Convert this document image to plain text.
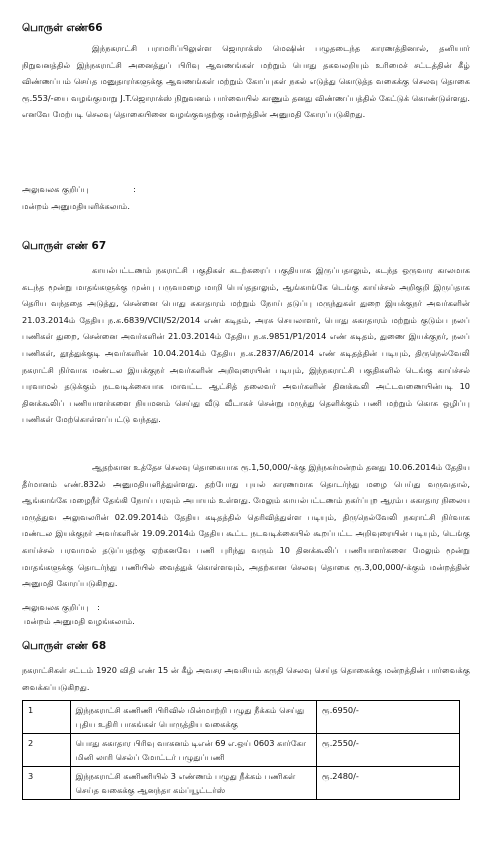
பொருள் எண்66

இந்நகராட்சி பராமரிப்பிலுள்ள ஜொராக்ஸ் மெஷின் பழுதடைந்த காரணத்தினால், தனியார் நிறுவனத்தில் இந்நகராட்சி அனைத்துப் பிரிவு ஆவணங்கள் மற்றும் பொது தகவலறியும் உரிமைச் சட்டத்தின் கீழ் விண்ணப்பம் செய்த மனுதாரர்களுக்கு ஆவணங்கள் மற்றும் கோப்புகள் நகல் எடுத்து கொடுத்த வகைக்கு செலவு தொகை ரூ.553/-யை வழங்குமாறு J.T.ஜொராக்ஸ் நிறுவனம் பார்வையில் காணும் தனது விண்ணப்பத்தில் கேட்டுக் கொண்டுள்ளது. எனவே மேற்படி செலவு தொகையினை வழங்குவதற்கு மன்றத்தின் அனுமதி கோரப்படுகிறது.

அலுவலக குறிப்பு	:
மன்றம் அனுமதியளிக்கலாம்.
பொருள் எண் 67

காயல்பட்டணம் நகராட்சி பகுதிகள் கடற்கரைப் பகுதியாக இருப்பதாலும், கடந்த ஒருவார காலமாக கடந்த மூன்று மாதங்களுக்கு முன்பு பருவமழை மாறி பெய்ததாலும், ஆங்காங்கே டெங்கு காய்ச்சல் அறிகுறி இருப்தாக தெரிய வந்ததை அடுத்து, சென்னை பொது சுகாதாரம் மற்றும் நோய் தடுப்பு மருந்துகள் துறை இயக்குநர் அவர்களின் 21.03.2014ம் தேதிய ந.க.6839/VCII/S2/2014 எண் கடிதம், அரசு செயலாளர், பொது சுகாதாரம் மற்றும் குடும்ப நலப் பணிகள் துறை, சென்னை அவர்களின் 21.03.2014ம் தேதிய ந.க.9851/P1/2014 எண் கடிதம், துணை இயக்குநர், நலப் பணிகள், தூத்துக்குடி அவர்களின் 10.04.2014ம் தேதிய ந.க.2837/A6/2014 எண் கடிதத்தின் படியும், திருநெல்வேலி நகராட்சி நிர்வாக மண்டல இயக்குநர் அவர்களின் அறிவுரையின் படியும், இந்நகராட்சி பகுதிகளில் டெங்கு காய்ச்சல் பரவாமல் தடுக்கும் நடவடிக்கையாக மாவட்ட ஆட்சித் தலைவர் அவர்களின் தினக்கூலி அட்டவணையின்படி 10 தினக்கூலிப் பணியாளர்களை நியமனம் செய்து வீடு வீடாகச் சென்று மருந்து தெளிக்கும் பணி மற்றும் கொசு ஒழிப்பு பணிகள் மேற்கொள்ளப்பட்டு வந்தது.

ஆதற்கான உத்தேச செலவு தொகையாக ரூ.1,50,000/-க்கு இந்நகர்மன்றம் தனது 10.06.2014ம் தேதிய தீர்மானம் எண்.832ல் அனுமதியளித்துள்ளது. தற்போது புயல் காரணமாக தொடர்ந்து மழை பெய்து வருவதால், ஆங்காங்கே மழைநீர் தேங்கி நோய் பரவும் அபாயம் உள்ளது. மேலும் காயல்பட்டணம் நகர்ப்புற ஆரம்ப சுகாதார நிலைய மருத்துவ அலுவலரின் 02.09.2014ம் தேதிய கடிதத்தில் தெரிவித்துள்ள படியும், திருநெல்வேலி நகராட்சி நிர்வாக மண்டல இயக்குநர் அவர்களின் 19.09.2014ம் தேதிய கூட்ட நடவடிக்கையில் கூறப்பட்ட அறிவுரையின் படியும், டெங்கு காய்ச்சல் பரவாமல் தடுப்பதற்கு ஏற்கனவே பணி புரிந்து வரும் 10 தினக்கூலிப் பணியாளர்களை மேலும் மூன்று மாதங்களுக்கு தொடர்ந்து பணியில் வைத்துக் கொள்ளவும், அதற்கான செலவு தொகை ரூ.3,00,000/-க்கும் மன்றத்தின் அனுமதி கோரப்படுகிறது.

அலுவலக குறிப்பு :
மன்றம் அனுமதி வழங்கலாம்.
பொருள் எண் 68

நகராட்சிகள் சட்டம் 1920 விதி எண் 15 ன் கீழ் அவசர அவசியம் கருதி செலவு செய்த தொகைக்கு மன்றத்தின் பார்வைக்கு வைக்கப்படுகிறது.

1	இந்நகராட்சி கணிணி பிரிவில் மின்மாற்றி பழுது நீக்கம் செய்து புதிய உதிரி பாகங்கள் பொருத்திய வகைக்கு	ரூ.6950/-
2	பொது சுகாதார பிரிவு வாகனம் டிஎன் 69 எ.ஒய் 0603 கார்கோ மினி லாரி செல்ப் மோட்டர் பழுதுப்பணி	ரூ.2550/-
3	இந்நகராட்சி கணிணியில் 3 எண்ணம் பழுது நீக்கம் பணிகள் செய்த வகைக்கு ஆனந்தா கம்ப்யூட்டர்ஸ்	ரூ.2480/-
